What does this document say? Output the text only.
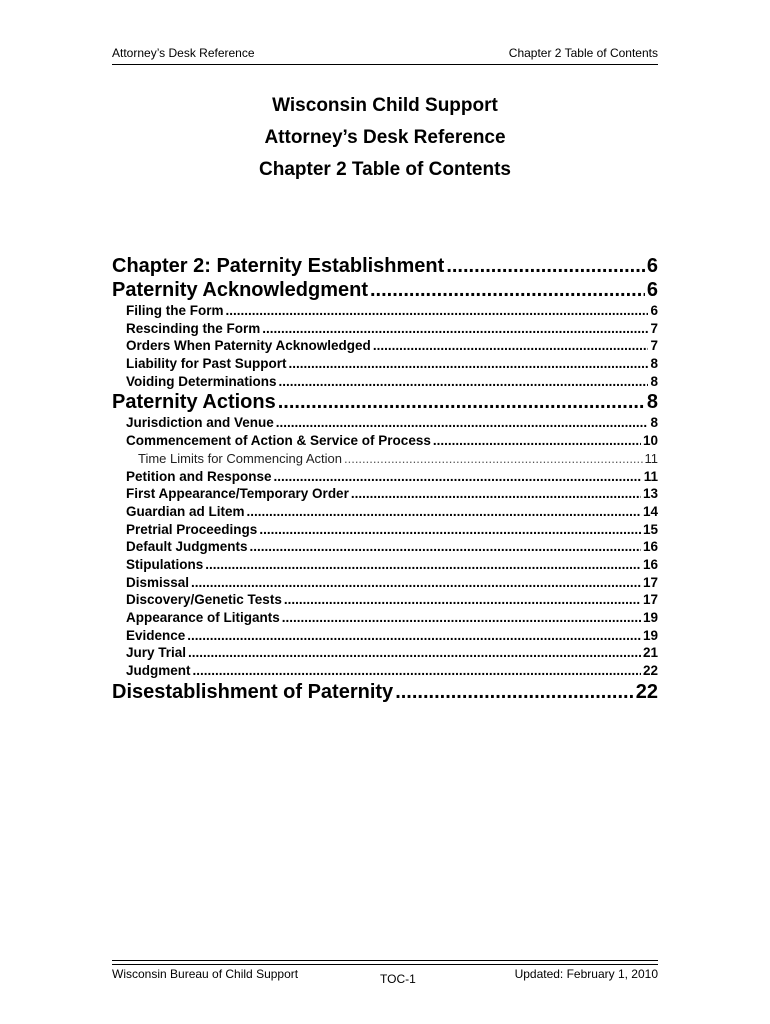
Attorney’s Desk Reference	Chapter 2 Table of Contents
Wisconsin Child Support
Attorney’s Desk Reference
Chapter 2 Table of Contents
Chapter 2: Paternity Establishment .....	6
Paternity Acknowledgment .....	6
Filing the Form .....	6
Rescinding the Form .....	7
Orders When Paternity Acknowledged .....	7
Liability for Past Support .....	8
Voiding Determinations .....	8
Paternity Actions .....	8
Jurisdiction and Venue .....	8
Commencement of Action & Service of Process .....	10
Time Limits for Commencing Action .....	11
Petition and Response .....	11
First Appearance/Temporary Order .....	13
Guardian ad Litem .....	14
Pretrial Proceedings .....	15
Default Judgments .....	16
Stipulations .....	16
Dismissal .....	17
Discovery/Genetic Tests .....	17
Appearance of Litigants .....	19
Evidence .....	19
Jury Trial .....	21
Judgment .....	22
Disestablishment of Paternity .....	22
Wisconsin Bureau of Child Support	TOC-1	Updated: February 1, 2010
